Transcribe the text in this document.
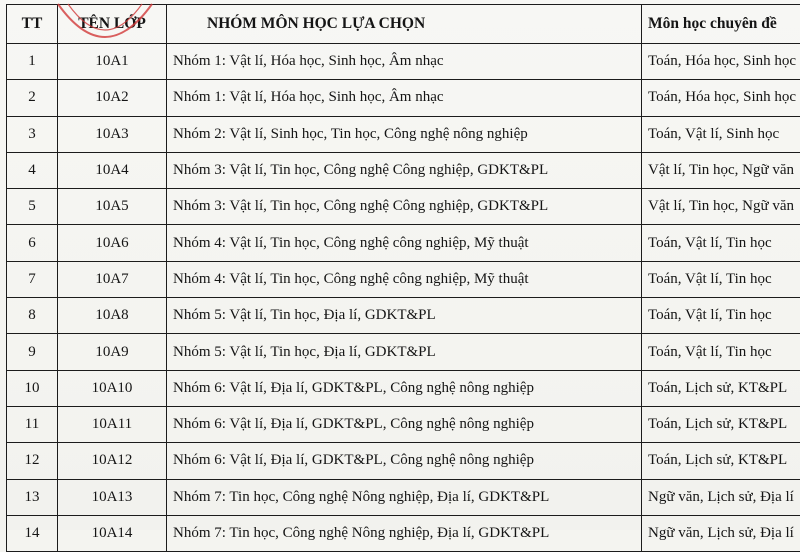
TT	TÊN LỚP	NHÓM MÔN HỌC LỰA CHỌN	Môn học chuyên đề
1	10A1	Nhóm 1: Vật lí, Hóa học, Sinh học, Âm nhạc	Toán, Hóa học, Sinh học
2	10A2	Nhóm 1: Vật lí, Hóa học, Sinh học, Âm nhạc	Toán, Hóa học, Sinh học
3	10A3	Nhóm 2: Vật lí, Sinh học, Tin học, Công nghệ nông nghiệp	Toán, Vật lí, Sinh học
4	10A4	Nhóm 3: Vật lí, Tin học, Công nghệ Công nghiệp, GDKT&PL	Vật lí, Tin học, Ngữ văn
5	10A5	Nhóm 3: Vật lí, Tin học, Công nghệ Công nghiệp, GDKT&PL	Vật lí, Tin học, Ngữ văn
6	10A6	Nhóm 4: Vật lí, Tin học, Công nghệ công nghiệp, Mỹ thuật	Toán, Vật lí, Tin học
7	10A7	Nhóm 4: Vật lí, Tin học, Công nghệ công nghiệp, Mỹ thuật	Toán, Vật lí, Tin học
8	10A8	Nhóm 5: Vật lí, Tin học, Địa lí, GDKT&PL	Toán, Vật lí, Tin học
9	10A9	Nhóm 5: Vật lí, Tin học, Địa lí, GDKT&PL	Toán, Vật lí, Tin học
10	10A10	Nhóm 6: Vật lí, Địa lí, GDKT&PL, Công nghệ nông nghiệp	Toán, Lịch sử, KT&PL
11	10A11	Nhóm 6: Vật lí, Địa lí, GDKT&PL, Công nghệ nông nghiệp	Toán, Lịch sử, KT&PL
12	10A12	Nhóm 6: Vật lí, Địa lí, GDKT&PL, Công nghệ nông nghiệp	Toán, Lịch sử, KT&PL
13	10A13	Nhóm 7: Tin học, Công nghệ Nông nghiệp, Địa lí, GDKT&PL	Ngữ văn, Lịch sử, Địa lí
14	10A14	Nhóm 7: Tin học, Công nghệ Nông nghiệp, Địa lí, GDKT&PL	Ngữ văn, Lịch sử, Địa lí
